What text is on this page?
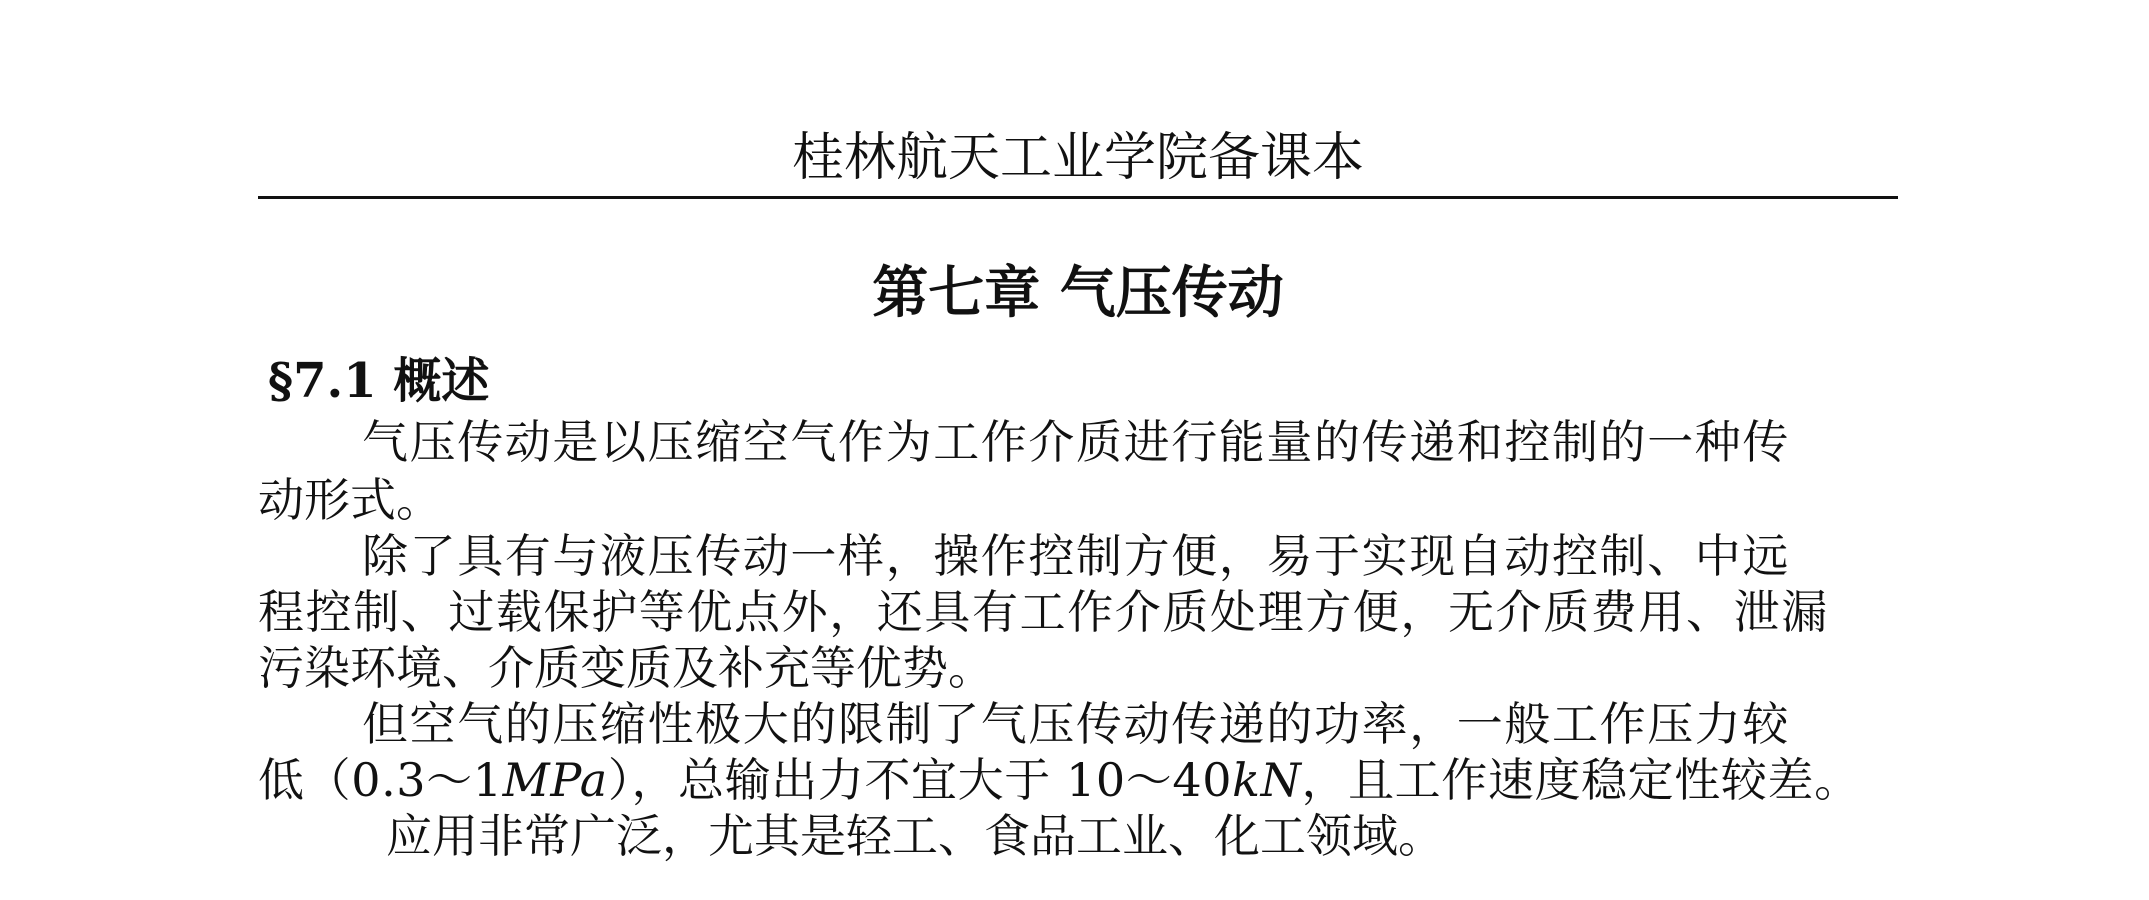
桂林航天工业学院备课本
第七章 气压传动
§7.1 概述
气压传动是以压缩空气作为工作介质进行能量的传递和控制的一种传
动形式。
除了具有与液压传动一样，操作控制方便，易于实现自动控制、中远
程控制、过载保护等优点外，还具有工作介质处理方便，无介质费用、泄漏
污染环境、介质变质及补充等优势。
但空气的压缩性极大的限制了气压传动传递的功率，一般工作压力较
低（0.3～1MPa），总输出力不宜大于 10～40kN，且工作速度稳定性较差。
应用非常广泛，尤其是轻工、食品工业、化工领域。
